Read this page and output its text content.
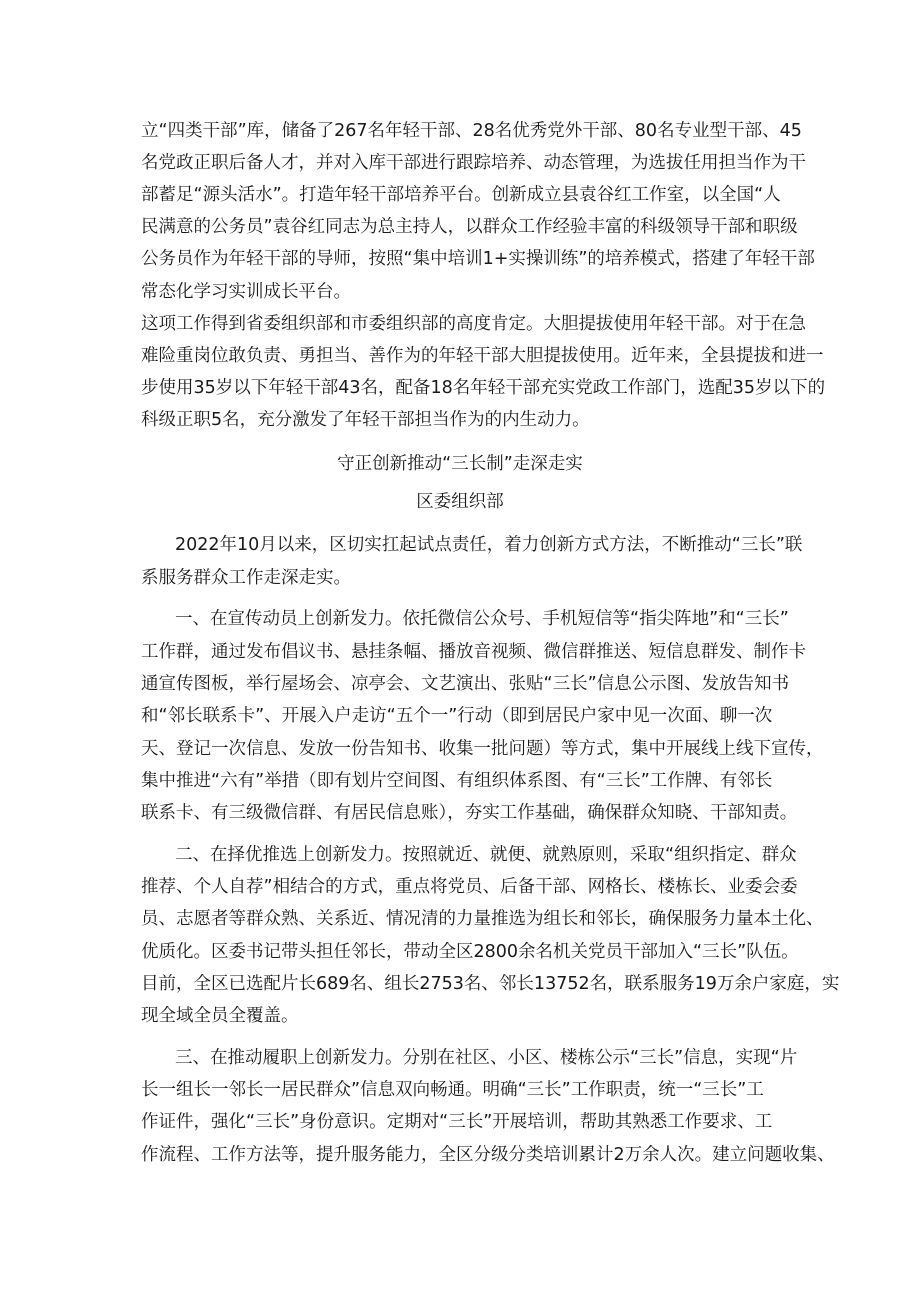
立“四类干部”库，储备了267名年轻干部、28名优秀党外干部、80名专业型干部、45
名党政正职后备人才，并对入库干部进行跟踪培养、动态管理，为选拔任用担当作为干
部蓄足“源头活水”。打造年轻干部培养平台。创新成立县袁谷红工作室，以全国“人
民满意的公务员”袁谷红同志为总主持人，以群众工作经验丰富的科级领导干部和职级
公务员作为年轻干部的导师，按照“集中培训1+实操训练”的培养模式，搭建了年轻干部
常态化学习实训成长平台。
这项工作得到省委组织部和市委组织部的高度肯定。大胆提拔使用年轻干部。对于在急
难险重岗位敢负责、勇担当、善作为的年轻干部大胆提拔使用。近年来，全县提拔和进一
步使用35岁以下年轻干部43名，配备18名年轻干部充实党政工作部门，选配35岁以下的
科级正职5名，充分激发了年轻干部担当作为的内生动力。
守正创新推动“三长制”走深走实
区委组织部
2022年10月以来，区切实扛起试点责任，着力创新方式方法，不断推动“三长”联
系服务群众工作走深走实。
一、在宣传动员上创新发力。依托微信公众号、手机短信等“指尖阵地”和“三长”
工作群，通过发布倡议书、悬挂条幅、播放音视频、微信群推送、短信息群发、制作卡
通宣传图板，举行屋场会、凉亭会、文艺演出、张贴“三长”信息公示图、发放告知书
和“邻长联系卡”、开展入户走访“五个一”行动（即到居民户家中见一次面、聊一次
天、登记一次信息、发放一份告知书、收集一批问题）等方式，集中开展线上线下宣传，
集中推进“六有”举措（即有划片空间图、有组织体系图、有“三长”工作牌、有邻长
联系卡、有三级微信群、有居民信息账），夯实工作基础，确保群众知晓、干部知责。
二、在择优推选上创新发力。按照就近、就便、就熟原则，采取“组织指定、群众
推荐、个人自荐”相结合的方式，重点将党员、后备干部、网格长、楼栋长、业委会委
员、志愿者等群众熟、关系近、情况清的力量推选为组长和邻长，确保服务力量本土化、
优质化。区委书记带头担任邻长，带动全区2800余名机关党员干部加入“三长”队伍。
目前，全区已选配片长689名、组长2753名、邻长13752名，联系服务19万余户家庭，实
现全域全员全覆盖。
三、在推动履职上创新发力。分别在社区、小区、楼栋公示“三长”信息，实现“片
长一组长一邻长一居民群众”信息双向畅通。明确“三长”工作职责，统一“三长”工
作证件，强化“三长”身份意识。定期对“三长”开展培训，帮助其熟悉工作要求、工
作流程、工作方法等，提升服务能力，全区分级分类培训累计2万余人次。建立问题收集、
